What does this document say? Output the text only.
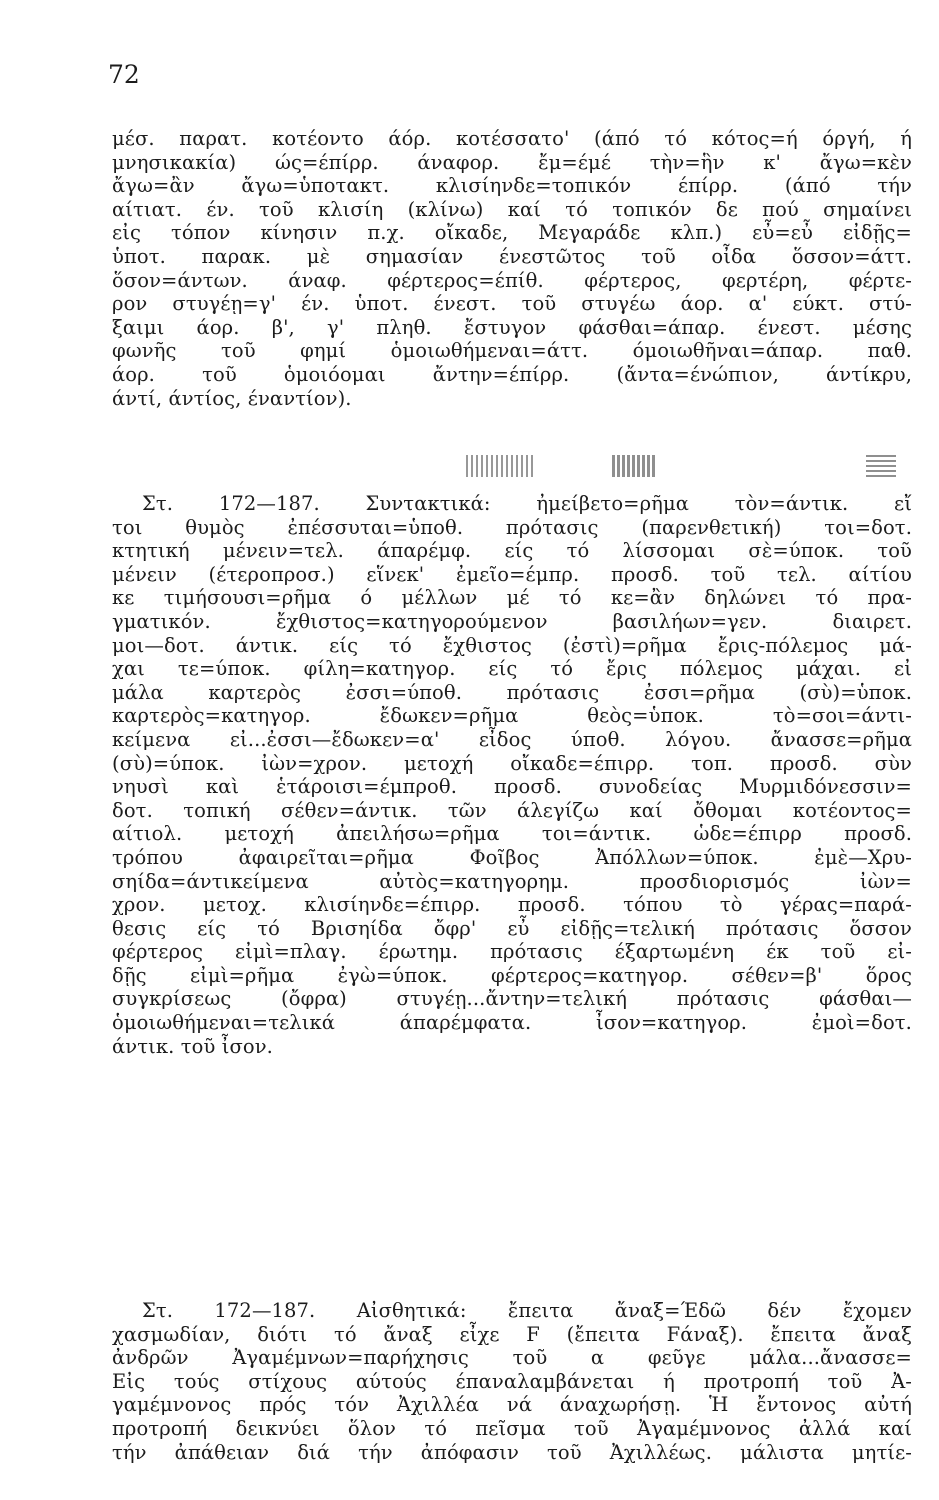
72
μέσ. παρατ. κοτέοντο άόρ. κοτέσσατο' (άπό τό κότος=ή όργή, ή
μνησικακία) ώς=έπίρρ. άναφορ. ἔμ=έμέ τὴν=ἣν κ' ἄγω=κὲν
ἄγω=ἂν ἄγω=ὑποτακτ. κλισίηνδε=τοπικόν έπίρρ. (άπό τήν
αίτιατ. έν. τοῦ κλισίη (κλίνω) καί τό τοπικόν δε πού σημαίνει
εἰς τόπον κίνησιν π.χ. οἴκαδε, Μεγαράδε κλπ.) εὖ=εὖ εἰδῇς=
ὑποτ. παρακ. μὲ σημασίαν ένεστῶτος τοῦ οἶδα ὅσσον=άττ.
ὅσον=άντων. άναφ. φέρτερος=έπίθ. φέρτερος, φερτέρη, φέρτε-
ρον στυγέῃ=γ' έν. ὑποτ. ένεστ. τοῦ στυγέω άορ. α' εύκτ. στύ-
ξαιμι άορ. β', γ' πληθ. ἔστυγον φάσθαι=άπαρ. ένεστ. μέσης
φωνῆς τοῦ φημί ὁμοιωθήμεναι=άττ. όμοιωθῆναι=άπαρ. παθ.
άορ. τοῦ ὁμοιόομαι ἄντην=έπίρρ. (ἄντα=ένώπιον, άντίκρυ,
άντί, άντίος, έναντίον).
Στ. 172—187. Συντακτικά: ἠμείβετο=ρῆμα τὸν=άντικ. εἴ
τοι θυμὸς ἐπέσσυται=ὑποθ. πρότασις (παρενθετική) τοι=δοτ.
κτητική μένειν=τελ. άπαρέμφ. είς τό λίσσομαι σὲ=ύποκ. τοῦ
μένειν (έτεροπροσ.) εἵνεκ' ἐμεῖο=έμπρ. προσδ. τοῦ τελ. αίτίου
κε τιμήσουσι=ρῆμα ό μέλλων μέ τό κε=ἂν δηλώνει τό πρα-
γματικόν. ἔχθιστος=κατηγορούμενον βασιλήων=γεν. διαιρετ.
μοι—δοτ. άντικ. είς τό ἔχθιστος (ἐστὶ)=ρῆμα ἔρις-πόλεμος μά-
χαι τε=ύποκ. φίλη=κατηγορ. είς τό ἔρις πόλεμος μάχαι. εἰ
μάλα καρτερὸς ἐσσι=ύποθ. πρότασις ἐσσι=ρῆμα (σὺ)=ὑποκ.
καρτερὸς=κατηγορ. ἔδωκεν=ρῆμα θεὸς=ὑποκ. τὸ=σοι=άντι-
κείμενα εἰ...ἐσσι—ἔδωκεν=α' εἶδος ύποθ. λόγου. ἄνασσε=ρῆμα
(σὺ)=ύποκ. ἰὼν=χρον. μετοχή οἴκαδε=έπιρρ. τοπ. προσδ. σὺν
νηυσὶ καὶ ἑτάροισι=έμπροθ. προσδ. συνοδείας Μυρμιδόνεσσιν=
δοτ. τοπική σέθεν=άντικ. τῶν άλεγίζω καί ὄθομαι κοτέοντος=
αίτιολ. μετοχή ἀπειλήσω=ρῆμα τοι=άντικ. ὡδε=έπιρρ προσδ.
τρόπου ἀφαιρεῖται=ρῆμα Φοῖβος Ἀπόλλων=ύποκ. ἐμὲ—Χρυ-
σηίδα=άντικείμενα αὐτὸς=κατηγορημ. προσδιορισμός ἰὼν=
χρον. μετοχ. κλισίηνδε=έπιρρ. προσδ. τόπου τὸ γέρας=παρά-
θεσις είς τό Βρισηίδα ὄφρ' εὖ εἰδῇς=τελική πρότασις ὅσσον
φέρτερος εἰμὶ=πλαγ. έρωτημ. πρότασις έξαρτωμένη έκ τοῦ εἰ-
δῇς εἰμὶ=ρῆμα ἐγὼ=ύποκ. φέρτερος=κατηγορ. σέθεν=β' ὅρος
συγκρίσεως (ὄφρα) στυγέῃ...ἄντην=τελική πρότασις φάσθαι—
ὁμοιωθήμεναι=τελικά άπαρέμφατα. ἶσον=κατηγορ. ἐμοὶ=δοτ.
άντικ. τοῦ ἶσον.
Στ. 172—187. Αἰσθητικά: ἔπειτα ἄναξ=Έδῶ δέν ἔχομεν
χασμωδίαν, διότι τό ἄναξ εἶχε F (ἔπειτα Fάναξ). ἔπειτα ἄναξ
ἀνδρῶν Ἀγαμέμνων=παρήχησις τοῦ α φεῦγε μάλα...ἄνασσε=
Εἰς τούς στίχους αύτούς έπαναλαμβάνεται ή προτροπή τοῦ Ἀ-
γαμέμνονος πρός τόν Ἀχιλλέα νά άναχωρήσῃ. Ἡ ἔντονος αὐτή
προτροπή δεικνύει ὅλον τό πεῖσμα τοῦ Ἀγαμέμνονος ἀλλά καί
τήν ἀπάθειαν διά τήν ἀπόφασιν τοῦ Ἀχιλλέως. μάλιστα μητίε-
